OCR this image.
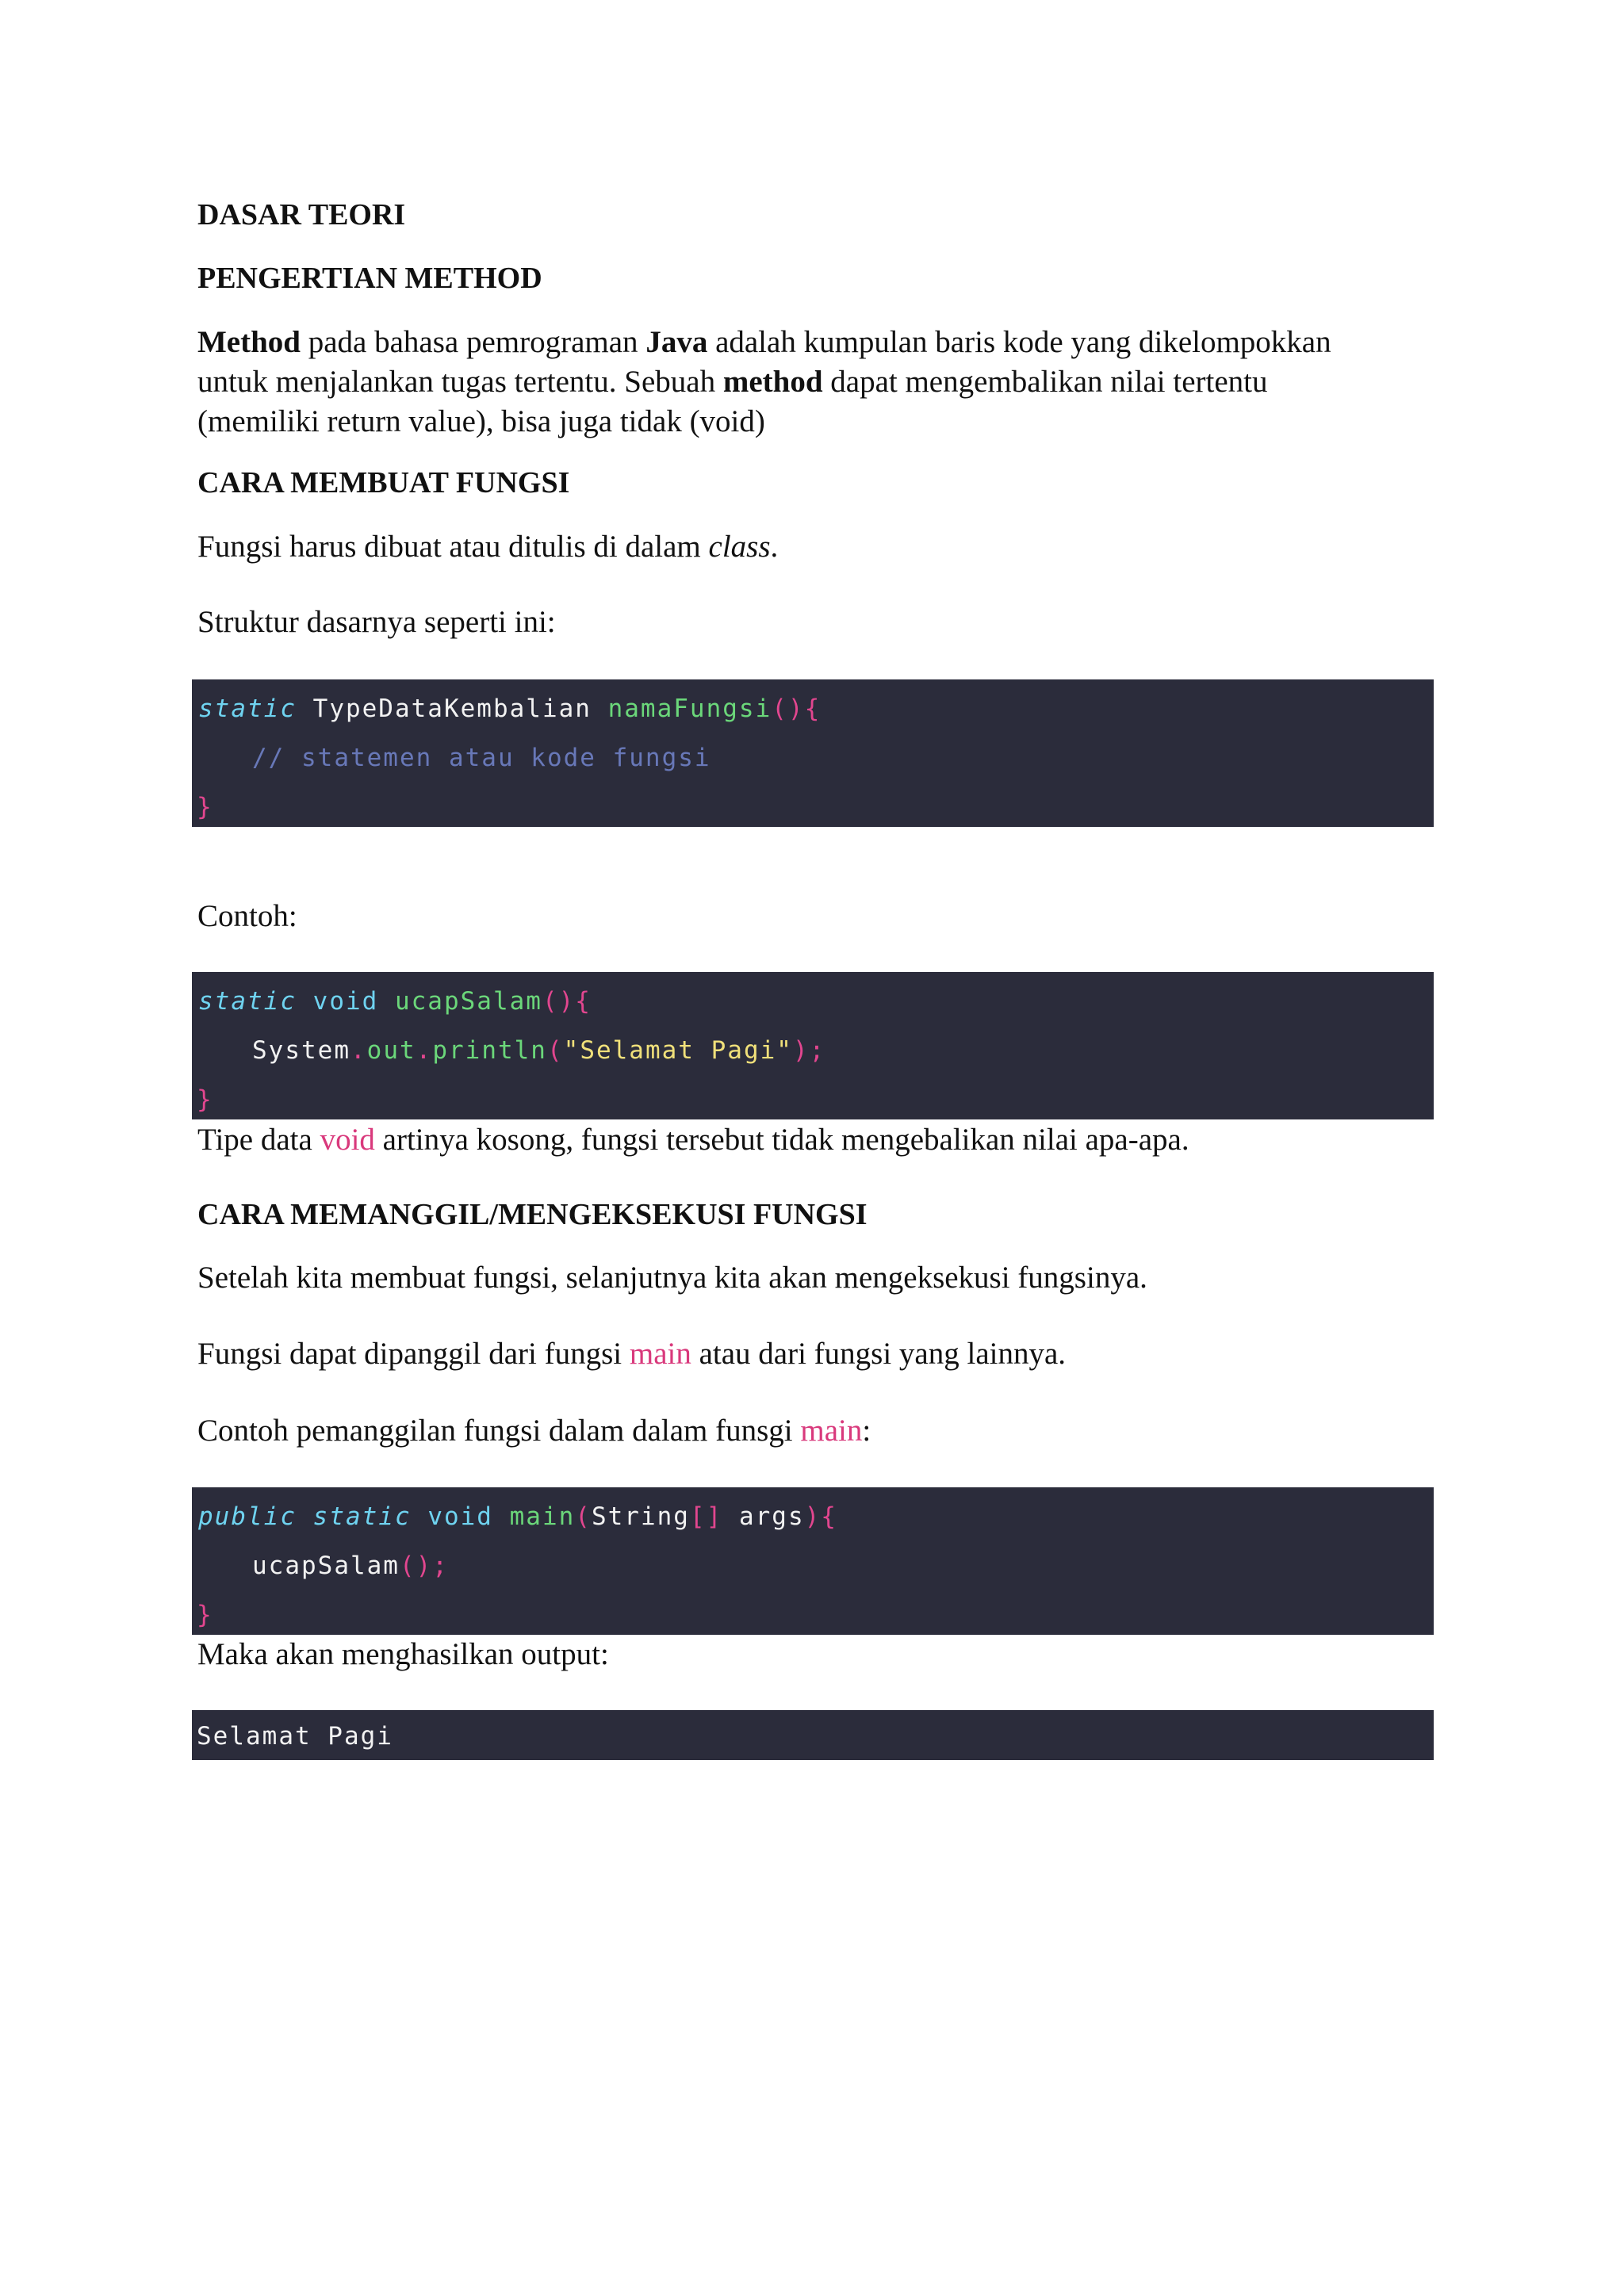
DASAR TEORI
PENGERTIAN METHOD
Method pada bahasa pemrograman Java adalah kumpulan baris kode yang dikelompokkan
untuk menjalankan tugas tertentu. Sebuah method dapat mengembalikan nilai tertentu
(memiliki return value), bisa juga tidak (void)
CARA MEMBUAT FUNGSI
Fungsi harus dibuat atau ditulis di dalam class.
Struktur dasarnya seperti ini:
static TypeDataKembalian namaFungsi(){
// statemen atau kode fungsi
}
Contoh:
static void ucapSalam(){
System.out.println("Selamat Pagi");
}
Tipe data void artinya kosong, fungsi tersebut tidak mengebalikan nilai apa-apa.
CARA MEMANGGIL/MENGEKSEKUSI FUNGSI
Setelah kita membuat fungsi, selanjutnya kita akan mengeksekusi fungsinya.
Fungsi dapat dipanggil dari fungsi main atau dari fungsi yang lainnya.
Contoh pemanggilan fungsi dalam dalam funsgi main:
public static void main(String[] args){
ucapSalam();
}
Maka akan menghasilkan output:
Selamat Pagi
